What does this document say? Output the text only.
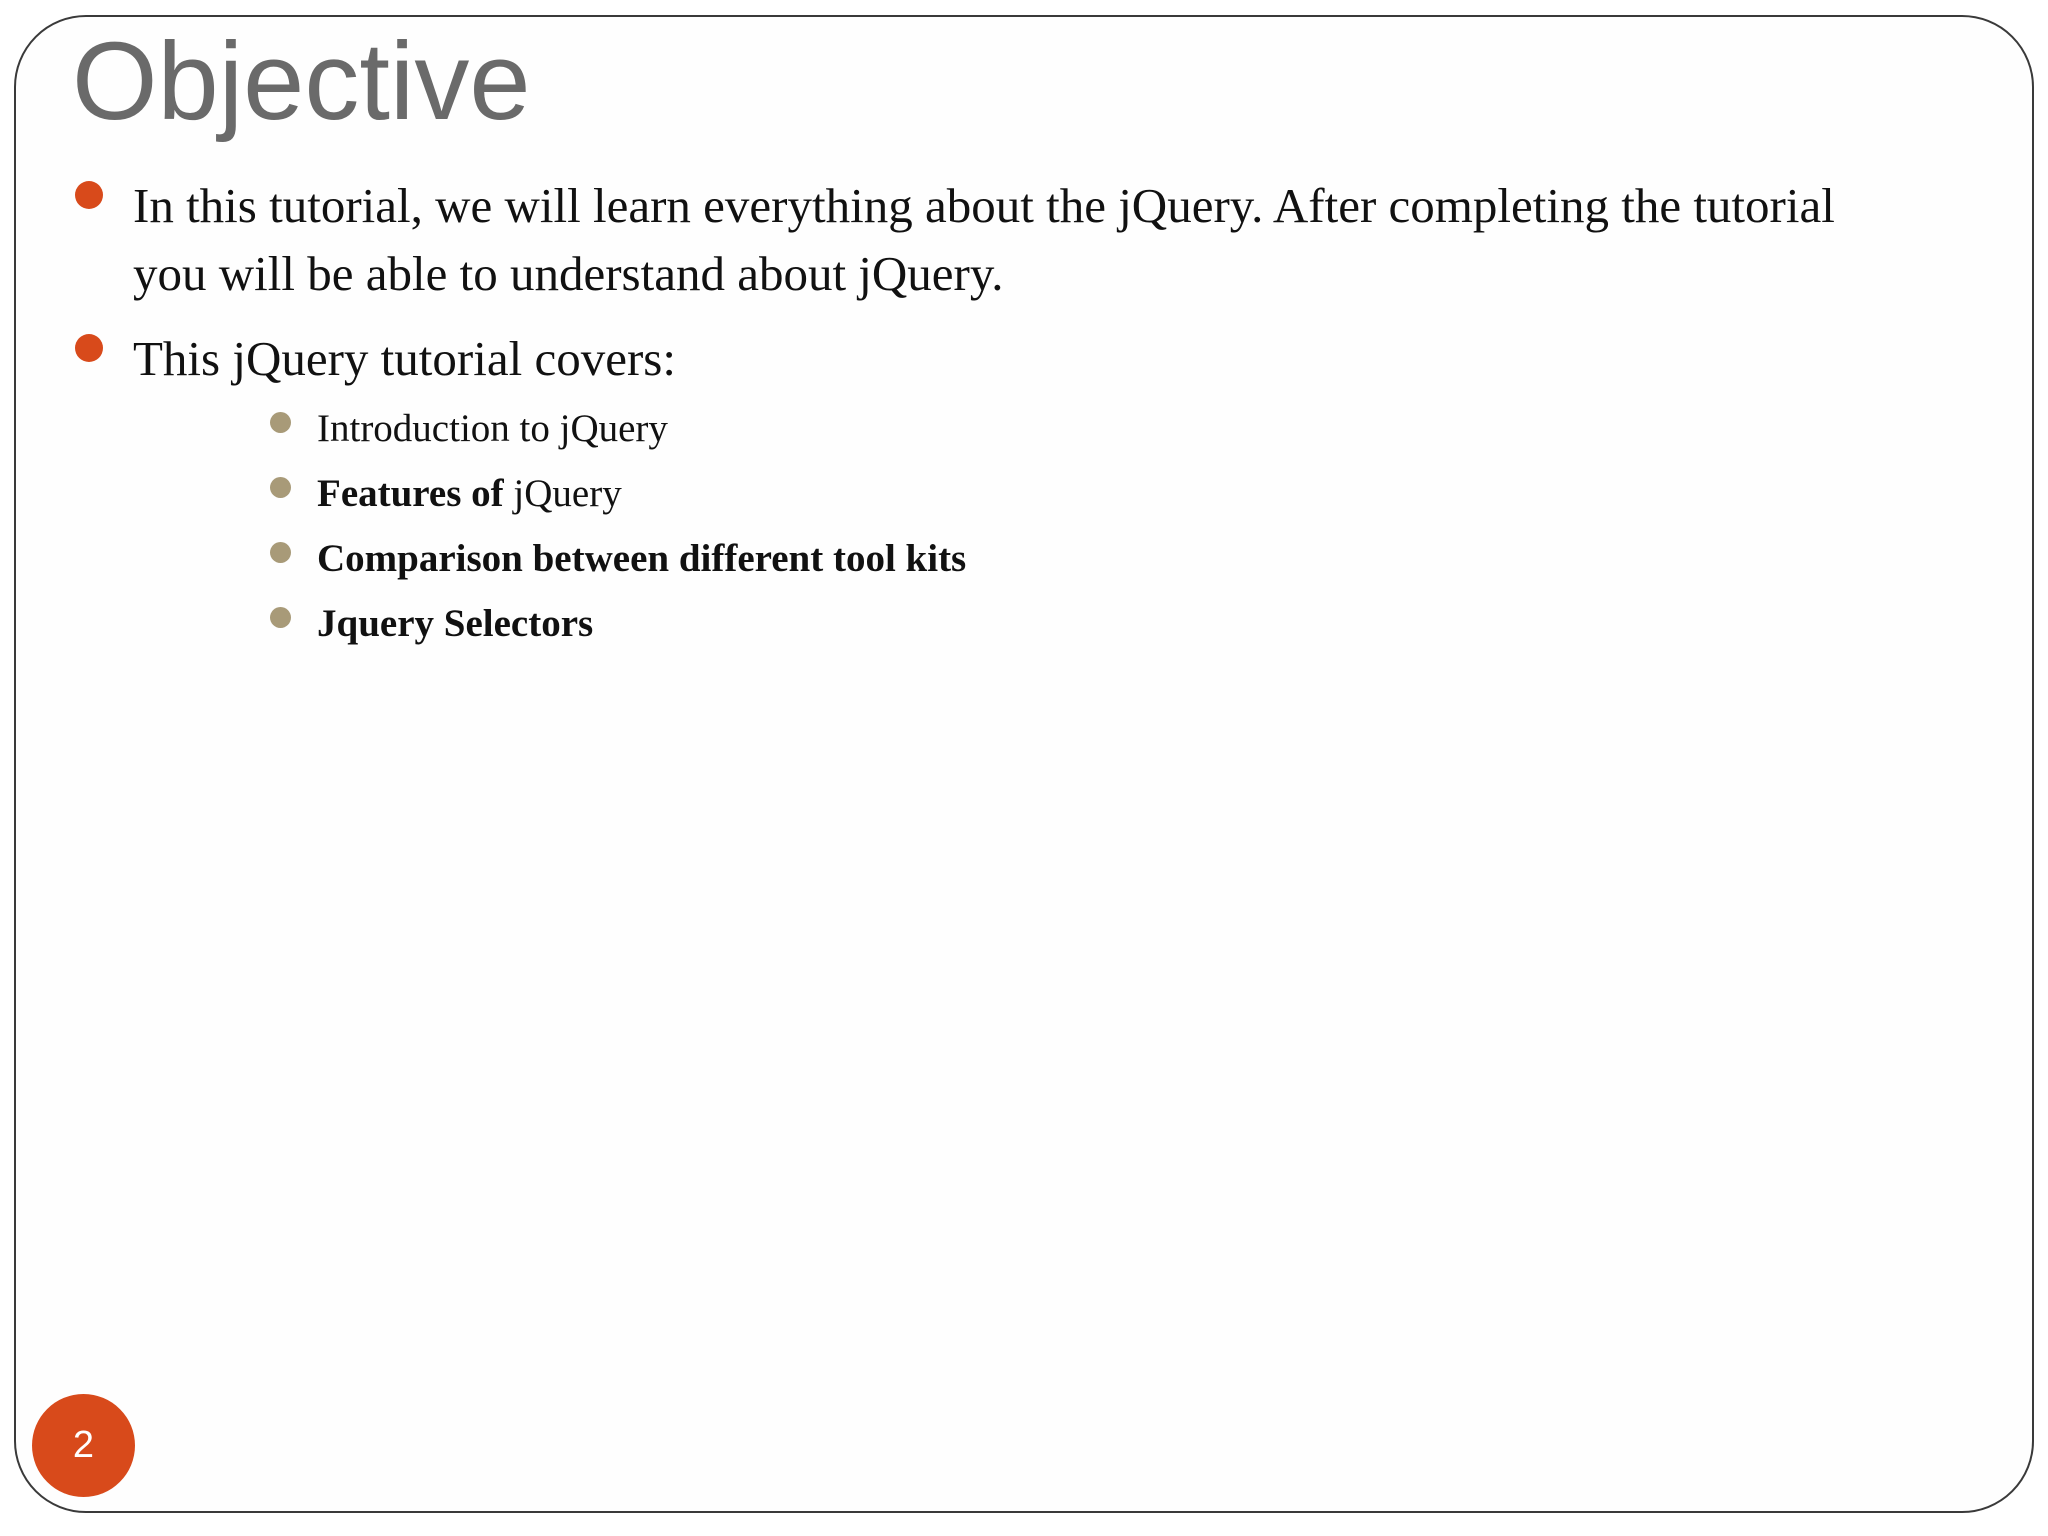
Objective
In this tutorial, we will learn everything about the jQuery. After completing the tutorial
you will be able to understand about jQuery.
This jQuery tutorial covers:
Introduction to jQuery
Features of jQuery
Comparison between different tool kits
Jquery Selectors
2
